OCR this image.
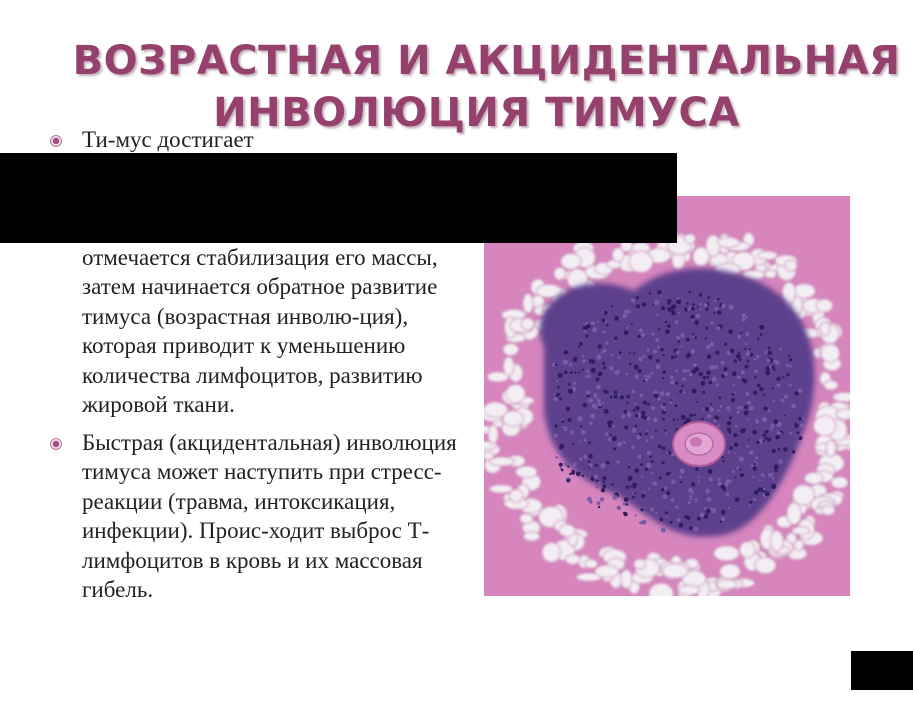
ВОЗРАСТНАЯ И АКЦИДЕНТАЛЬНАЯ
ИНВОЛЮЦИЯ ТИМУСА
Ти-мус достигает
отмечается стабилизация его массы, затем начинается обратное развитие тимуса (возрастная инволю-ция), которая приводит к уменьшению количества лимфоцитов, развитию жировой ткани.
Быстрая (акцидентальная) инволюция тимуса может наступить при стресс-реакции (травма, интоксикация, инфекции). Проис-ходит выброс Т-лимфоцитов в кровь и их массовая гибель.
